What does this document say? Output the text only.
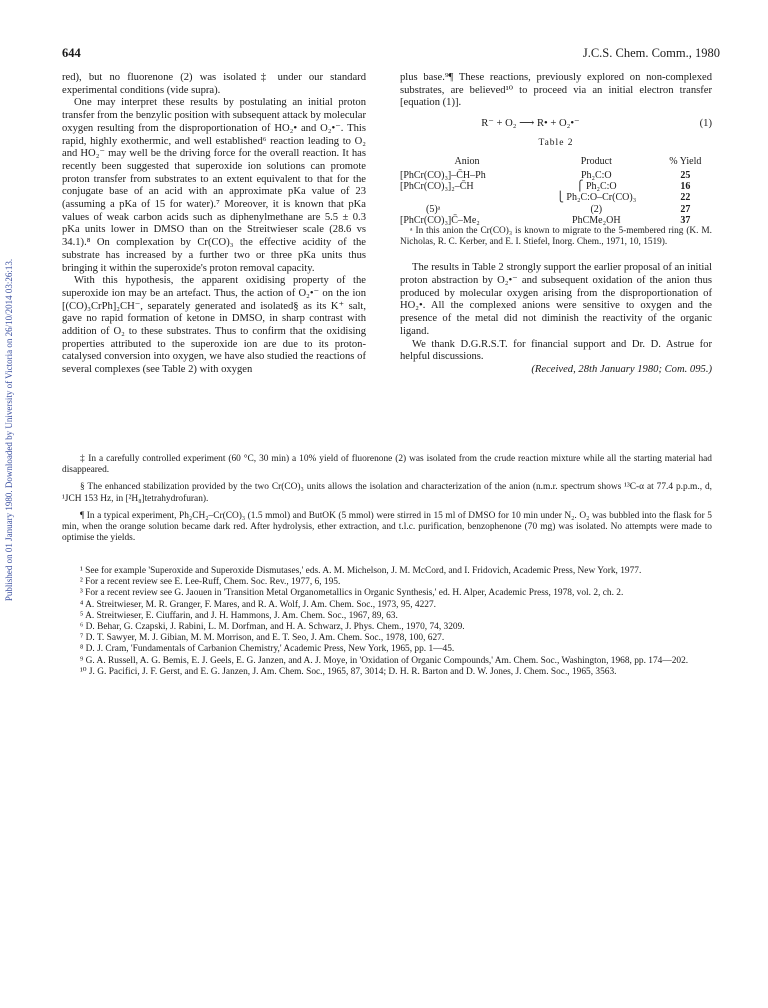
Published on 01 January 1980. Downloaded by University of Victoria on 26/10/2014 03:26:13.
644	J.C.S. Chem. Comm., 1980

red), but no fluorenone (2) was isolated‡ under our standard experimental conditions (vide supra).

One may interpret these results by postulating an initial proton transfer from the benzylic position with subsequent attack by molecular oxygen resulting from the disproportionation of HO₂• and O₂•⁻. This rapid, highly exothermic, and well established⁶ reaction leading to O₂ and HO₂⁻ may well be the driving force for the overall reaction. It has recently been suggested that superoxide ion solutions can promote proton transfer from substrates to an extent equivalent to that for the conjugate base of an acid with an approximate pKa value of 23 (assuming a pKa of 15 for water).⁷ Moreover, it is known that pKa values of weak carbon acids such as diphenylmethane are 5.5 ± 0.3 pKa units lower in DMSO than on the Streitwieser scale (28.6 vs 34.1).⁸ On complexation by Cr(CO)₃ the effective acidity of the substrate has increased by a further two or three pKa units thus bringing it within the superoxide's proton removal capacity.

With this hypothesis, the apparent oxidising property of the superoxide ion may be an artefact. Thus, the action of O₂•⁻ on the ion [(CO)₃CrPh]₂CH⁻, separately generated and isolated§ as its K⁺ salt, gave no rapid formation of ketone in DMSO, in sharp contrast with addition of O₂ to these substrates. Thus to confirm that the oxidising properties attributed to the superoxide ion are due to its proton-catalysed conversion into oxygen, we have also studied the reactions of several complexes (see Table 2) with oxygen

plus base.⁹¶ These reactions, previously explored on non-complexed substrates, are believed¹⁰ to proceed via an initial electron transfer [equation (1)].

R⁻ + O₂ ⟶ R• + O₂•⁻	(1)
Table 2
Anion	Product	% Yield
[PhCr(CO)₃]–C̄H–Ph	Ph₂C:O	25
[PhCr(CO)₃]₂–C̄H	⎧ Ph₂C:O	16
	⎩ Ph₂C:O–Cr(CO)₃	22
(5)ᵃ	(2)	27
[PhCr(CO)₃]C̄–Me₂	PhCMe₂OH	37

ᵃ In this anion the Cr(CO)₃ is known to migrate to the 5-membered ring (K. M. Nicholas, R. C. Kerber, and E. I. Stiefel, Inorg. Chem., 1971, 10, 1519).

The results in Table 2 strongly support the earlier proposal of an initial proton abstraction by O₂•⁻ and subsequent oxidation of the anion thus produced by molecular oxygen arising from the disproportionation of HO₂•. All the complexed anions were sensitive to oxygen and the presence of the metal did not diminish the reactivity of the organic ligand.

We thank D.G.R.S.T. for financial support and Dr. D. Astrue for helpful discussions.

(Received, 28th January 1980; Com. 095.)

‡ In a carefully controlled experiment (60 °C, 30 min) a 10% yield of fluorenone (2) was isolated from the crude reaction mixture while all the starting material had disappeared.

§ The enhanced stabilization provided by the two Cr(CO)₃ units allows the isolation and characterization of the anion (n.m.r. spectrum shows ¹³C-α at 77.4 p.p.m., d, ¹JCH 153 Hz, in [²H₈]tetrahydrofuran).

¶ In a typical experiment, Ph₂CH₂–Cr(CO)₃ (1.5 mmol) and ButOK (5 mmol) were stirred in 15 ml of DMSO for 10 min under N₂. O₂ was bubbled into the flask for 5 min, when the orange solution became dark red. After hydrolysis, ether extraction, and t.l.c. purification, benzophenone (70 mg) was isolated. No attempts were made to optimise the yields.

¹ See for example 'Superoxide and Superoxide Dismutases,' eds. A. M. Michelson, J. M. McCord, and I. Fridovich, Academic Press, New York, 1977.

² For a recent review see E. Lee-Ruff, Chem. Soc. Rev., 1977, 6, 195.

³ For a recent review see G. Jaouen in 'Transition Metal Organometallics in Organic Synthesis,' ed. H. Alper, Academic Press, 1978, vol. 2, ch. 2.

⁴ A. Streitwieser, M. R. Granger, F. Mares, and R. A. Wolf, J. Am. Chem. Soc., 1973, 95, 4227.

⁵ A. Streitwieser, E. Ciuffarin, and J. H. Hammons, J. Am. Chem. Soc., 1967, 89, 63.

⁶ D. Behar, G. Czapski, J. Rabini, L. M. Dorfman, and H. A. Schwarz, J. Phys. Chem., 1970, 74, 3209.

⁷ D. T. Sawyer, M. J. Gibian, M. M. Morrison, and E. T. Seo, J. Am. Chem. Soc., 1978, 100, 627.

⁸ D. J. Cram, 'Fundamentals of Carbanion Chemistry,' Academic Press, New York, 1965, pp. 1—45.

⁹ G. A. Russell, A. G. Bemis, E. J. Geels, E. G. Janzen, and A. J. Moye, in 'Oxidation of Organic Compounds,' Am. Chem. Soc., Washington, 1968, pp. 174—202.

¹⁰ J. G. Pacifici, J. F. Gerst, and E. G. Janzen, J. Am. Chem. Soc., 1965, 87, 3014; D. H. R. Barton and D. W. Jones, J. Chem. Soc., 1965, 3563.
